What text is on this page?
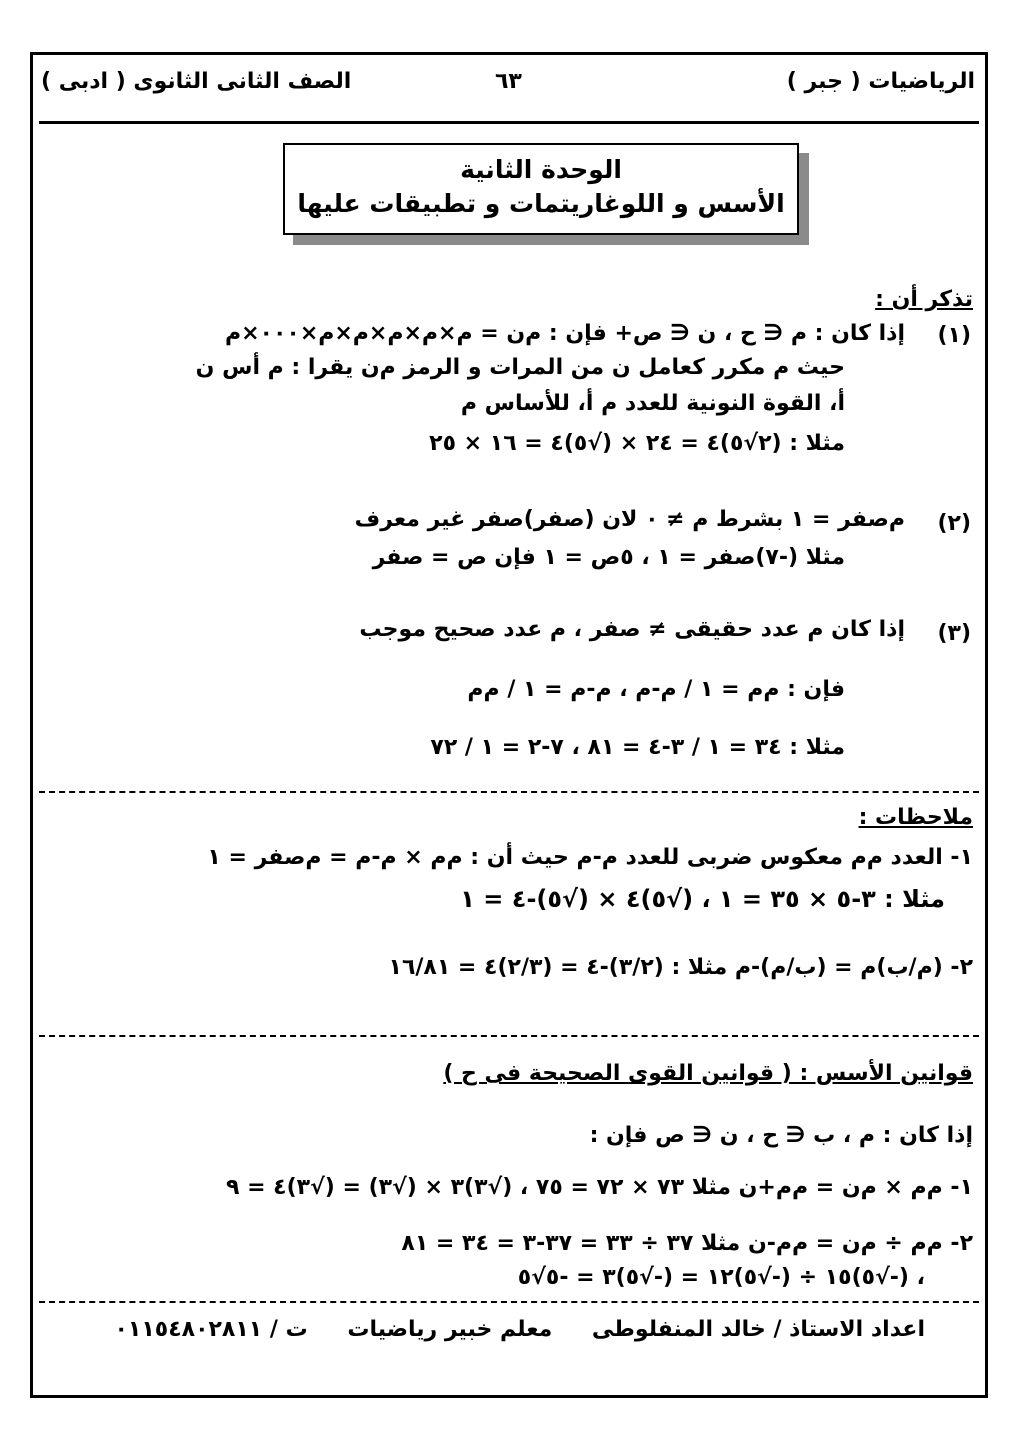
الرياضيات ( جبر )
٦٣
الصف الثانى الثانوى ( ادبى )
الوحدة الثانية
الأسس و اللوغاريتمات و تطبيقات عليها
تذكر أن :
(١)
إذا كان : ﻡ ∈ ح ، ن ∈ ص+ فإن : ﻡن = ﻡ×ﻡ×ﻡ×ﻡ×ﻡ×٠٠٠×ﻡ
حيث ﻡ مكرر كعامل ن من المرات و الرمز ﻡن يقرا : ﻡ أس ن
أ، القوة النونية للعدد ﻡ أ، للأساس ﻡ
مثلا : (٢√٥)٤ = ٢٤ × (√٥)٤ = ١٦ × ٢٥
(٢)
ﻡصفر = ١ بشرط ﻡ ≠ ٠ لان (صفر)صفر غير معرف
مثلا (-٧)صفر = ١ ، ٥ص = ١ فإن ص = صفر
(٣)
إذا كان ﻡ عدد حقيقى ≠ صفر ، م عدد صحيح موجب
فإن : ﻡم = ١ / ﻡ-م ، ﻡ-م = ١ / ﻡم
مثلا : ٣٤ = ١ / ٣-٤ = ٨١ ، ٧-٢ = ١ / ٧٢
ملاحظات :
١- العدد ﻡم معكوس ضربى للعدد ﻡ-م حيث أن : ﻡم × ﻡ-م = ﻡصفر = ١
مثلا : ٣-٥ × ٣٥ = ١ ، (√٥)٤ × (√٥)-٤ = ١
٢- (ﻡ/ب)م = (ب/ﻡ)-م مثلا : (٣/٢)-٤ = (٢/٣)٤ = ١٦/٨١
قوانين الأسس : ( قوانين القوى الصحيحة فى ح )
إذا كان : ﻡ ، ب ∈ ح ، ن ∈ ص فإن :
١- ﻡم × ﻡن = ﻡم+ن مثلا ٧٣ × ٧٢ = ٧٥ ، (√٣)٣ × (√٣) = (√٣)٤ = ٩
٢- ﻡم ÷ ﻡن = ﻡم-ن مثلا ٣٧ ÷ ٣٣ = ٣٧-٣ = ٣٤ = ٨١
، (-√٥)١٥ ÷ (-√٥)١٢ = (-√٥)٣ = -٥√٥
اعداد الاستاذ / خالد المنفلوطى معلم خبير رياضيات ت / ٠١١٥٤٨٠٢٨١١
